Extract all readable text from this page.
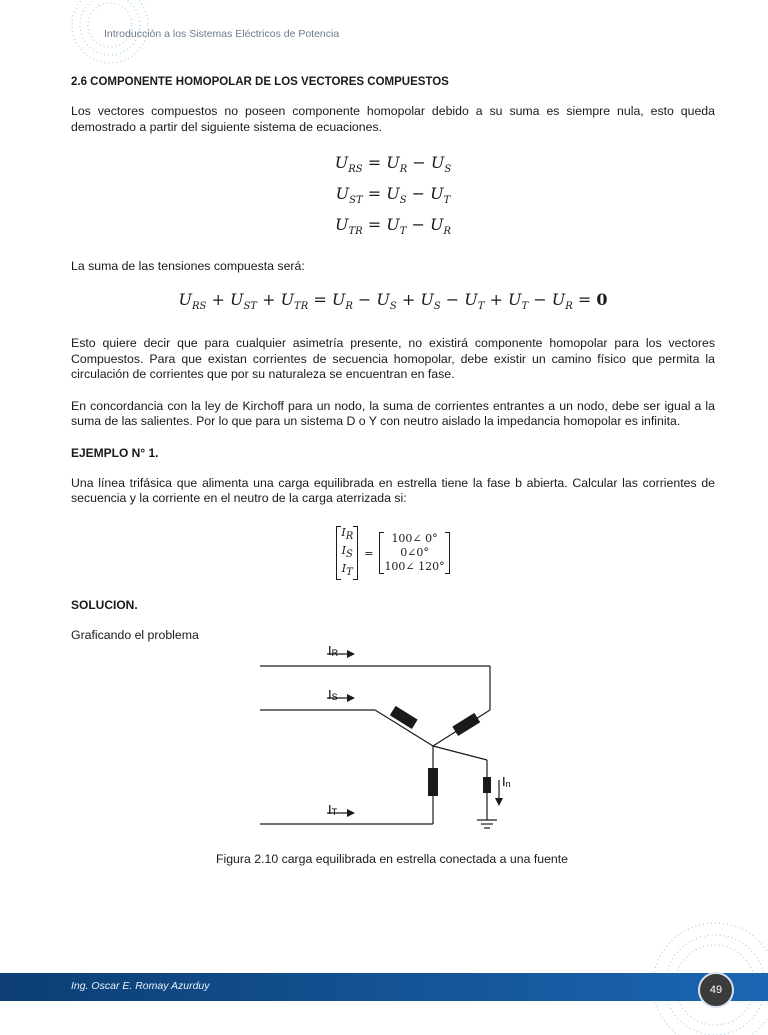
Introducción a los Sistemas Eléctricos de Potencia
2.6 COMPONENTE HOMOPOLAR DE LOS VECTORES COMPUESTOS

Los vectores compuestos no poseen componente homopolar debido a su suma es siempre nula, esto queda demostrado a partir del siguiente sistema de ecuaciones.

$U_{RS} = U_R - U_S$
$U_{ST} = U_S - U_T$
$U_{TR} = U_T - U_R$

La suma de las tensiones compuesta será:

$U_{RS} + U_{ST} + U_{TR} = U_R - U_S + U_S - U_T + U_T - U_R = 0$

Esto quiere decir que para cualquier asimetría presente, no existirá componente homopolar para los vectores Compuestos. Para que existan corrientes de secuencia homopolar, debe existir un camino físico que permita la circulación de corrientes que por su naturaleza se encuentran en fase.

En concordancia con la ley de Kirchoff para un nodo, la suma de corrientes entrantes a un nodo, debe ser igual a la suma de las salientes. Por lo que para un sistema D o Y con neutro aislado la impedancia homopolar es infinita.

EJEMPLO N° 1.

Una línea trifásica que alimenta una carga equilibrada en estrella tiene la fase b abierta. Calcular las corrientes de secuencia y la corriente en el neutro de la carga aterrizada si:

$I_R$
$I_S$
$I_T$
=
100∠ 0°
0∠0°
100∠ 120°
SOLUCION.

Graficando el problema

IR
IS
IT
In
Figura 2.10 carga equilibrada en estrella conectada a una fuente
Ing. Oscar E. Romay Azurduy	49
